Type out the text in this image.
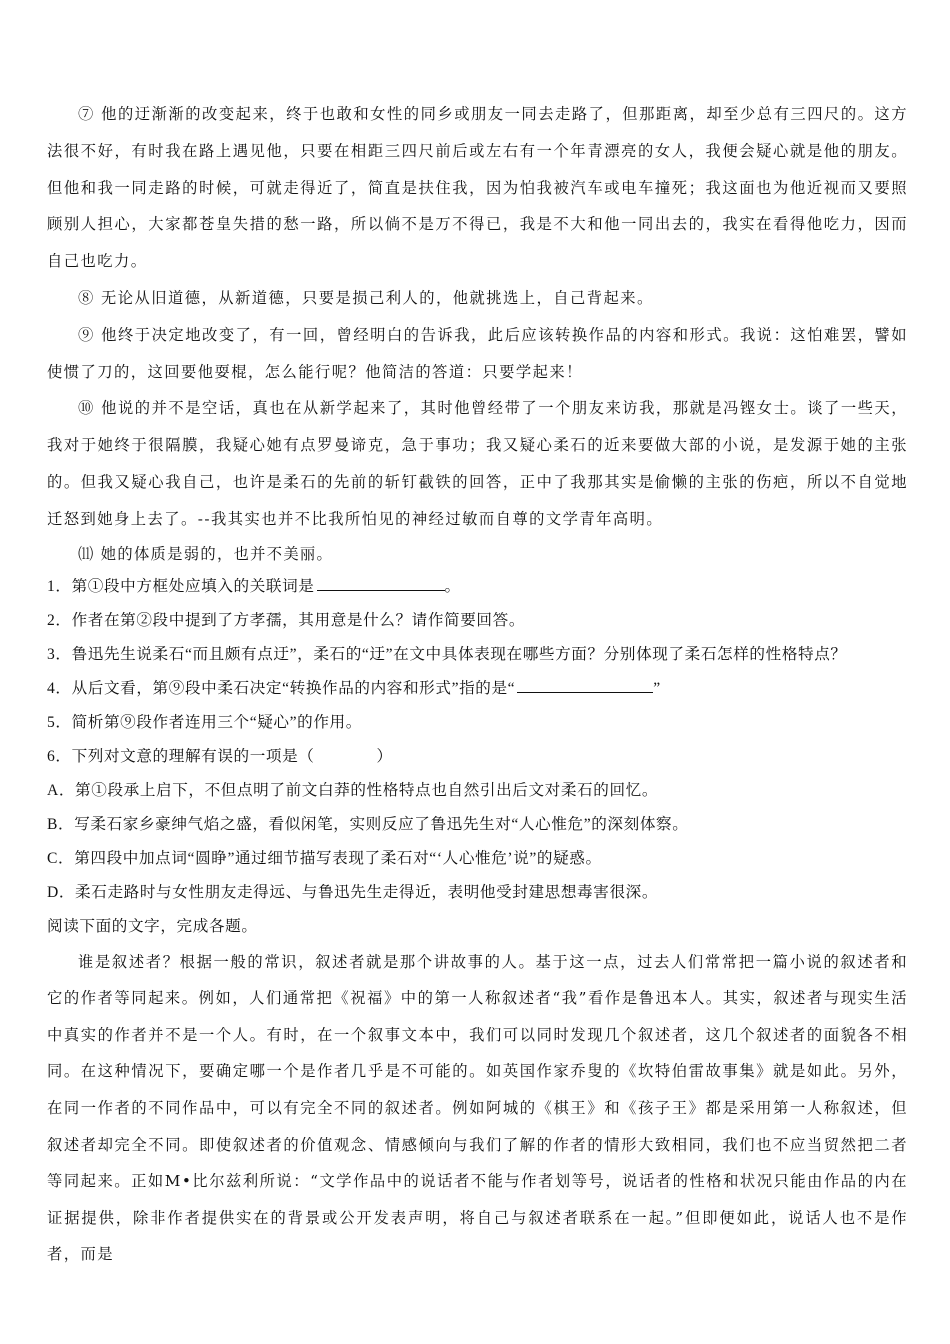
⑦ 他的迂渐渐的改变起来，终于也敢和女性的同乡或朋友一同去走路了，但那距离，却至少总有三四尺的。这方法很不好，有时我在路上遇见他，只要在相距三四尺前后或左右有一个年青漂亮的女人，我便会疑心就是他的朋友。但他和我一同走路的时候，可就走得近了，简直是扶住我，因为怕我被汽车或电车撞死；我这面也为他近视而又要照顾别人担心，大家都苍皇失措的愁一路，所以倘不是万不得已，我是不大和他一同出去的，我实在看得他吃力，因而自己也吃力。

⑧ 无论从旧道德，从新道德，只要是损己利人的，他就挑选上，自己背起来。

⑨ 他终于决定地改变了，有一回，曾经明白的告诉我，此后应该转换作品的内容和形式。我说：这怕难罢，譬如使惯了刀的，这回要他耍棍，怎么能行呢？他简洁的答道：只要学起来！

⑩ 他说的并不是空话，真也在从新学起来了，其时他曾经带了一个朋友来访我，那就是冯铿女士。谈了一些天，我对于她终于很隔膜，我疑心她有点罗曼谛克，急于事功；我又疑心柔石的近来要做大部的小说，是发源于她的主张的。但我又疑心我自己，也许是柔石的先前的斩钉截铁的回答，正中了我那其实是偷懒的主张的伤疤，所以不自觉地迁怒到她身上去了。--我其实也并不比我所怕见的神经过敏而自尊的文学青年高明。

⑾ 她的体质是弱的，也并不美丽。

1．第①段中方框处应填入的关联词是	。

2．作者在第②段中提到了方孝孺，其用意是什么？请作简要回答。

3．鲁迅先生说柔石“而且颇有点迂”，柔石的“迂”在文中具体表现在哪些方面？分别体现了柔石怎样的性格特点？

4．从后文看，第⑨段中柔石决定“转换作品的内容和形式”指的是“	”

5．简析第⑨段作者连用三个“疑心”的作用。

6．下列对文意的理解有误的一项是（	）

A．第①段承上启下，不但点明了前文白莽的性格特点也自然引出后文对柔石的回忆。

B．写柔石家乡豪绅气焰之盛，看似闲笔，实则反应了鲁迅先生对“人心惟危”的深刻体察。

C．第四段中加点词“圆睁”通过细节描写表现了柔石对“‘人心惟危’说”的疑惑。

D．柔石走路时与女性朋友走得远、与鲁迅先生走得近，表明他受封建思想毒害很深。

阅读下面的文字，完成各题。

谁是叙述者？根据一般的常识，叙述者就是那个讲故事的人。基于这一点，过去人们常常把一篇小说的叙述者和它的作者等同起来。例如，人们通常把《祝福》中的第一人称叙述者“我”看作是鲁迅本人。其实，叙述者与现实生活中真实的作者并不是一个人。有时，在一个叙事文本中，我们可以同时发现几个叙述者，这几个叙述者的面貌各不相同。在这种情况下，要确定哪一个是作者几乎是不可能的。如英国作家乔叟的《坎特伯雷故事集》就是如此。另外，在同一作者的不同作品中，可以有完全不同的叙述者。例如阿城的《棋王》和《孩子王》都是采用第一人称叙述，但叙述者却完全不同。即使叙述者的价值观念、情感倾向与我们了解的作者的情形大致相同，我们也不应当贸然把二者等同起来。正如M•比尔兹利所说：“文学作品中的说话者不能与作者划等号，说话者的性格和状况只能由作品的内在证据提供，除非作者提供实在的背景或公开发表声明，将自己与叙述者联系在一起。”但即便如此，说话人也不是作者，而是
